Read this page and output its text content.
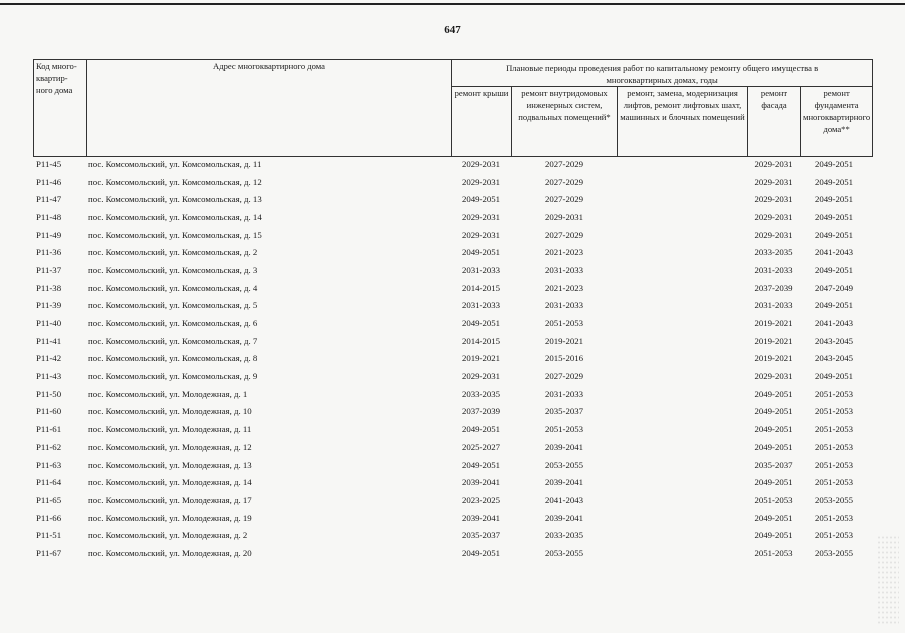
647
Код много-
квартир-
ного дома	Адрес многоквартирного дома	Плановые периоды проведения работ по капитальному ремонту общего имущества в многоквартирных домах, годы				
		ремонт крыши	ремонт внутридомовых инженерных систем, подвальных помещений*	ремонт, замена, модернизация лифтов, ремонт лифтовых шахт, машинных и блочных помещений	ремонт фасада	ремонт фундамента многоквартирного дома**
Р11-45	пос. Комсомольский, ул. Комсомольская, д. 11	2029-2031	2027-2029		2029-2031	2049-2051
Р11-46	пос. Комсомольский, ул. Комсомольская, д. 12	2029-2031	2027-2029		2029-2031	2049-2051
Р11-47	пос. Комсомольский, ул. Комсомольская, д. 13	2049-2051	2027-2029		2029-2031	2049-2051
Р11-48	пос. Комсомольский, ул. Комсомольская, д. 14	2029-2031	2029-2031		2029-2031	2049-2051
Р11-49	пос. Комсомольский, ул. Комсомольская, д. 15	2029-2031	2027-2029		2029-2031	2049-2051
Р11-36	пос. Комсомольский, ул. Комсомольская, д. 2	2049-2051	2021-2023		2033-2035	2041-2043
Р11-37	пос. Комсомольский, ул. Комсомольская, д. 3	2031-2033	2031-2033		2031-2033	2049-2051
Р11-38	пос. Комсомольский, ул. Комсомольская, д. 4	2014-2015	2021-2023		2037-2039	2047-2049
Р11-39	пос. Комсомольский, ул. Комсомольская, д. 5	2031-2033	2031-2033		2031-2033	2049-2051
Р11-40	пос. Комсомольский, ул. Комсомольская, д. 6	2049-2051	2051-2053		2019-2021	2041-2043
Р11-41	пос. Комсомольский, ул. Комсомольская, д. 7	2014-2015	2019-2021		2019-2021	2043-2045
Р11-42	пос. Комсомольский, ул. Комсомольская, д. 8	2019-2021	2015-2016		2019-2021	2043-2045
Р11-43	пос. Комсомольский, ул. Комсомольская, д. 9	2029-2031	2027-2029		2029-2031	2049-2051
Р11-50	пос. Комсомольский, ул. Молодежная, д. 1	2033-2035	2031-2033		2049-2051	2051-2053
Р11-60	пос. Комсомольский, ул. Молодежная, д. 10	2037-2039	2035-2037		2049-2051	2051-2053
Р11-61	пос. Комсомольский, ул. Молодежная, д. 11	2049-2051	2051-2053		2049-2051	2051-2053
Р11-62	пос. Комсомольский, ул. Молодежная, д. 12	2025-2027	2039-2041		2049-2051	2051-2053
Р11-63	пос. Комсомольский, ул. Молодежная, д. 13	2049-2051	2053-2055		2035-2037	2051-2053
Р11-64	пос. Комсомольский, ул. Молодежная, д. 14	2039-2041	2039-2041		2049-2051	2051-2053
Р11-65	пос. Комсомольский, ул. Молодежная, д. 17	2023-2025	2041-2043		2051-2053	2053-2055
Р11-66	пос. Комсомольский, ул. Молодежная, д. 19	2039-2041	2039-2041		2049-2051	2051-2053
Р11-51	пос. Комсомольский, ул. Молодежная, д. 2	2035-2037	2033-2035		2049-2051	2051-2053
Р11-67	пос. Комсомольский, ул. Молодежная, д. 20	2049-2051	2053-2055		2051-2053	2053-2055
